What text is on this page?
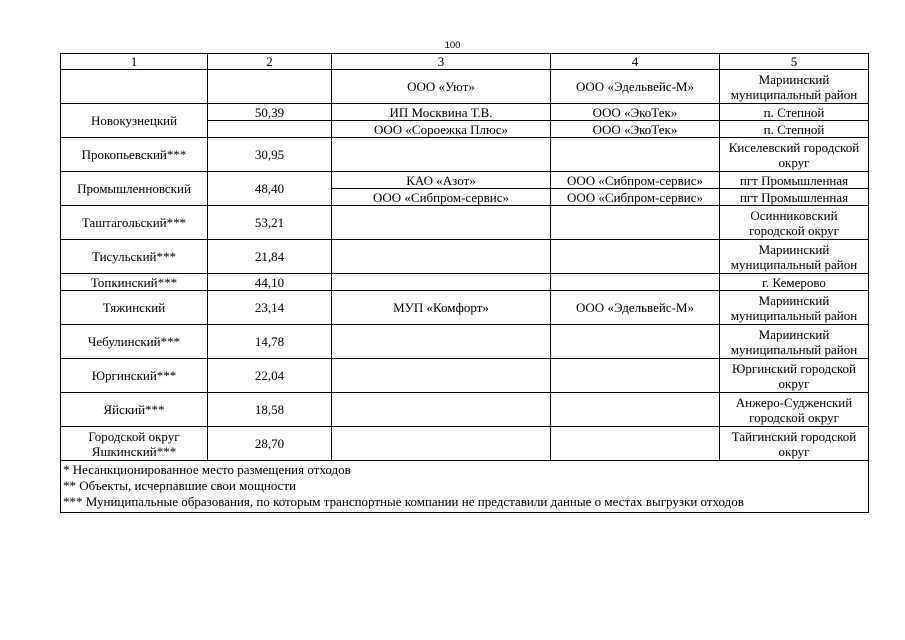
100
1	2	3	4	5
		ООО «Уют»	ООО «Эдельвейс-М»	Мариинский муниципальный район
Новокузнецкий	50,39	ИП Москвина Т.В.	ООО «ЭкоТек»	п. Степной
		ООО «Сороежка Плюс»	ООО «ЭкоТек»	п. Степной
Прокопьевский***	30,95			Киселевский городской округ
Промышленновский	48,40	КАО «Азот»	ООО «Сибпром-сервис»	пгт Промышленная
		ООО «Сибпром-сервис»	ООО «Сибпром-сервис»	пгт Промышленная
Таштагольский***	53,21			Осинниковский городской округ
Тисульский***	21,84			Мариинский муниципальный район
Топкинский***	44,10			г. Кемерово
Тяжинский	23,14	МУП «Комфорт»	ООО «Эдельвейс-М»	Мариинский муниципальный район
Чебулинский***	14,78			Мариинский муниципальный район
Юргинский***	22,04			Юргинский городской округ
Яйский***	18,58			Анжеро-Судженский городской округ
Городской округ Яшкинский***	28,70			Тайгинский городской округ

* Несанкционированное место размещения отходов
** Объекты, исчерпавшие свои мощности
*** Муниципальные образования, по которым транспортные компании не представили данные о местах выгрузки отходов				
